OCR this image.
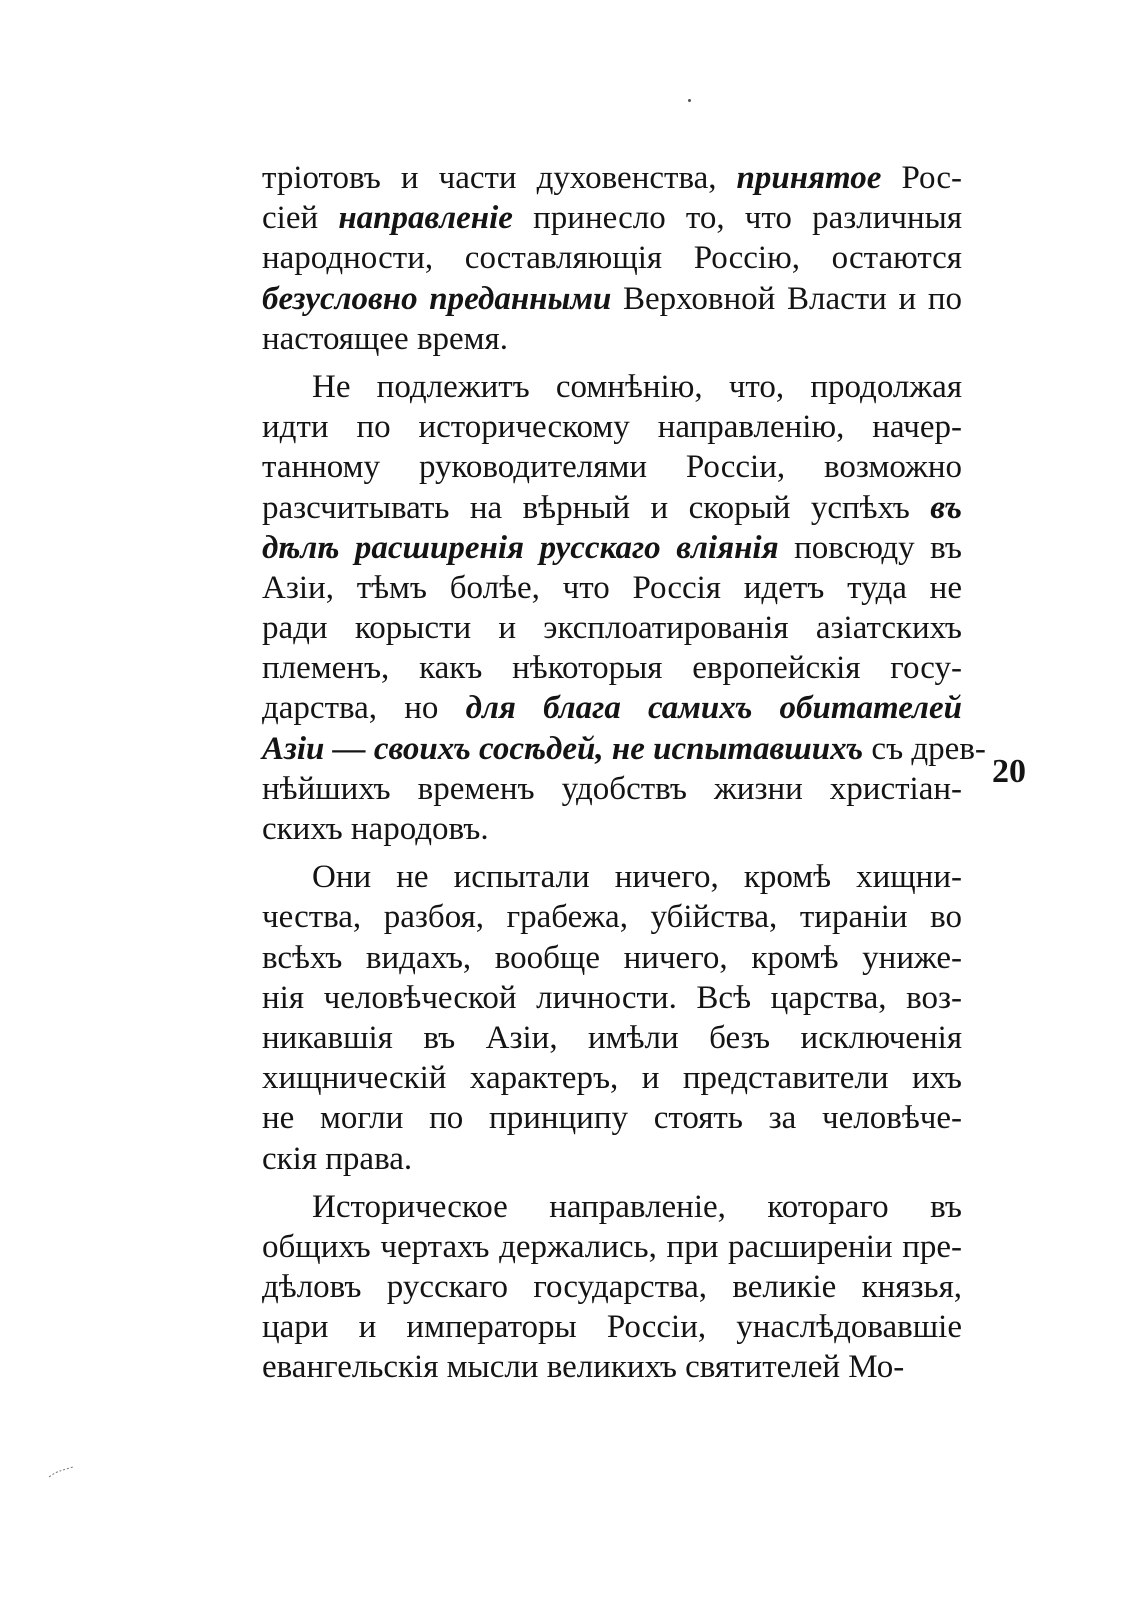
тріотовъ и части духовенства, принятое Рос-
сіей направленіе принесло то, что различныя
народности, составляющія Россію, остаются
безусловно преданными Верховной Власти и по
настоящее время.
Не подлежитъ сомнѣнію, что, продолжая
идти по историческому направленію, начер-
танному руководителями Россіи, возможно
разсчитывать на вѣрный и скорый успѣхъ въ
дѣлѣ расширенія русскаго вліянія повсюду въ
Азіи, тѣмъ болѣе, что Россія идетъ туда не
ради корысти и эксплоатированія азіатскихъ
племенъ, какъ нѣкоторыя европейскія госу-
дарства, но для блага самихъ обитателей
Азіи — своихъ сосѣдей, не испытавшихъ съ древ-
нѣйшихъ временъ удобствъ жизни христіан-
скихъ народовъ.
Они не испытали ничего, кромѣ хищни-
чества, разбоя, грабежа, убійства, тираніи во
всѣхъ видахъ, вообще ничего, кромѣ униже-
нія человѣческой личности. Всѣ царства, воз-
никавшія въ Азіи, имѣли безъ исключенія
хищническій характеръ, и представители ихъ
не могли по принципу стоять за человѣче-
скія права.
Историческое направленіе, котораго въ
общихъ чертахъ держались, при расширеніи пре-
дѣловъ русскаго государства, великіе князья,
цари и императоры Россіи, унаслѣдовавшіе
евангельскія мысли великихъ святителей Мо-
20
